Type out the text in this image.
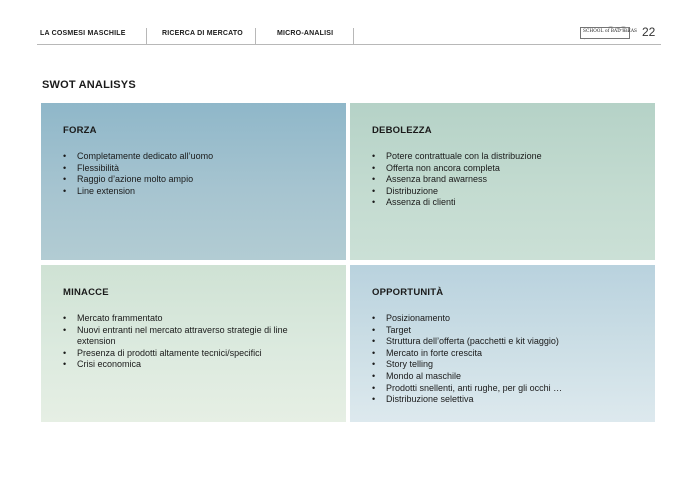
LA COSMESI MASCHILE	RICERCA DI MERCATO	MICRO-ANALISI	SCHOOL of BAD IDEAS 22
SWOT ANALISYS
FORZA
• Completamente dedicato all’uomo
• Flessibilità
• Raggio d’azione molto ampio
• Line extension
DEBOLEZZA
• Potere contrattuale con la distribuzione
• Offerta non ancora completa
• Assenza brand awarness
• Distribuzione
• Assenza di clienti
MINACCE
• Mercato frammentato
• Nuovi entranti nel mercato attraverso strategie di line extension
• Presenza di prodotti altamente tecnici/specifici
• Crisi economica
OPPORTUNITÀ
• Posizionamento
• Target
• Struttura dell’offerta (pacchetti e kit viaggio)
• Mercato in forte crescita
• Story telling
• Mondo al maschile
• Prodotti snellenti, anti rughe, per gli occhi …
• Distribuzione selettiva
